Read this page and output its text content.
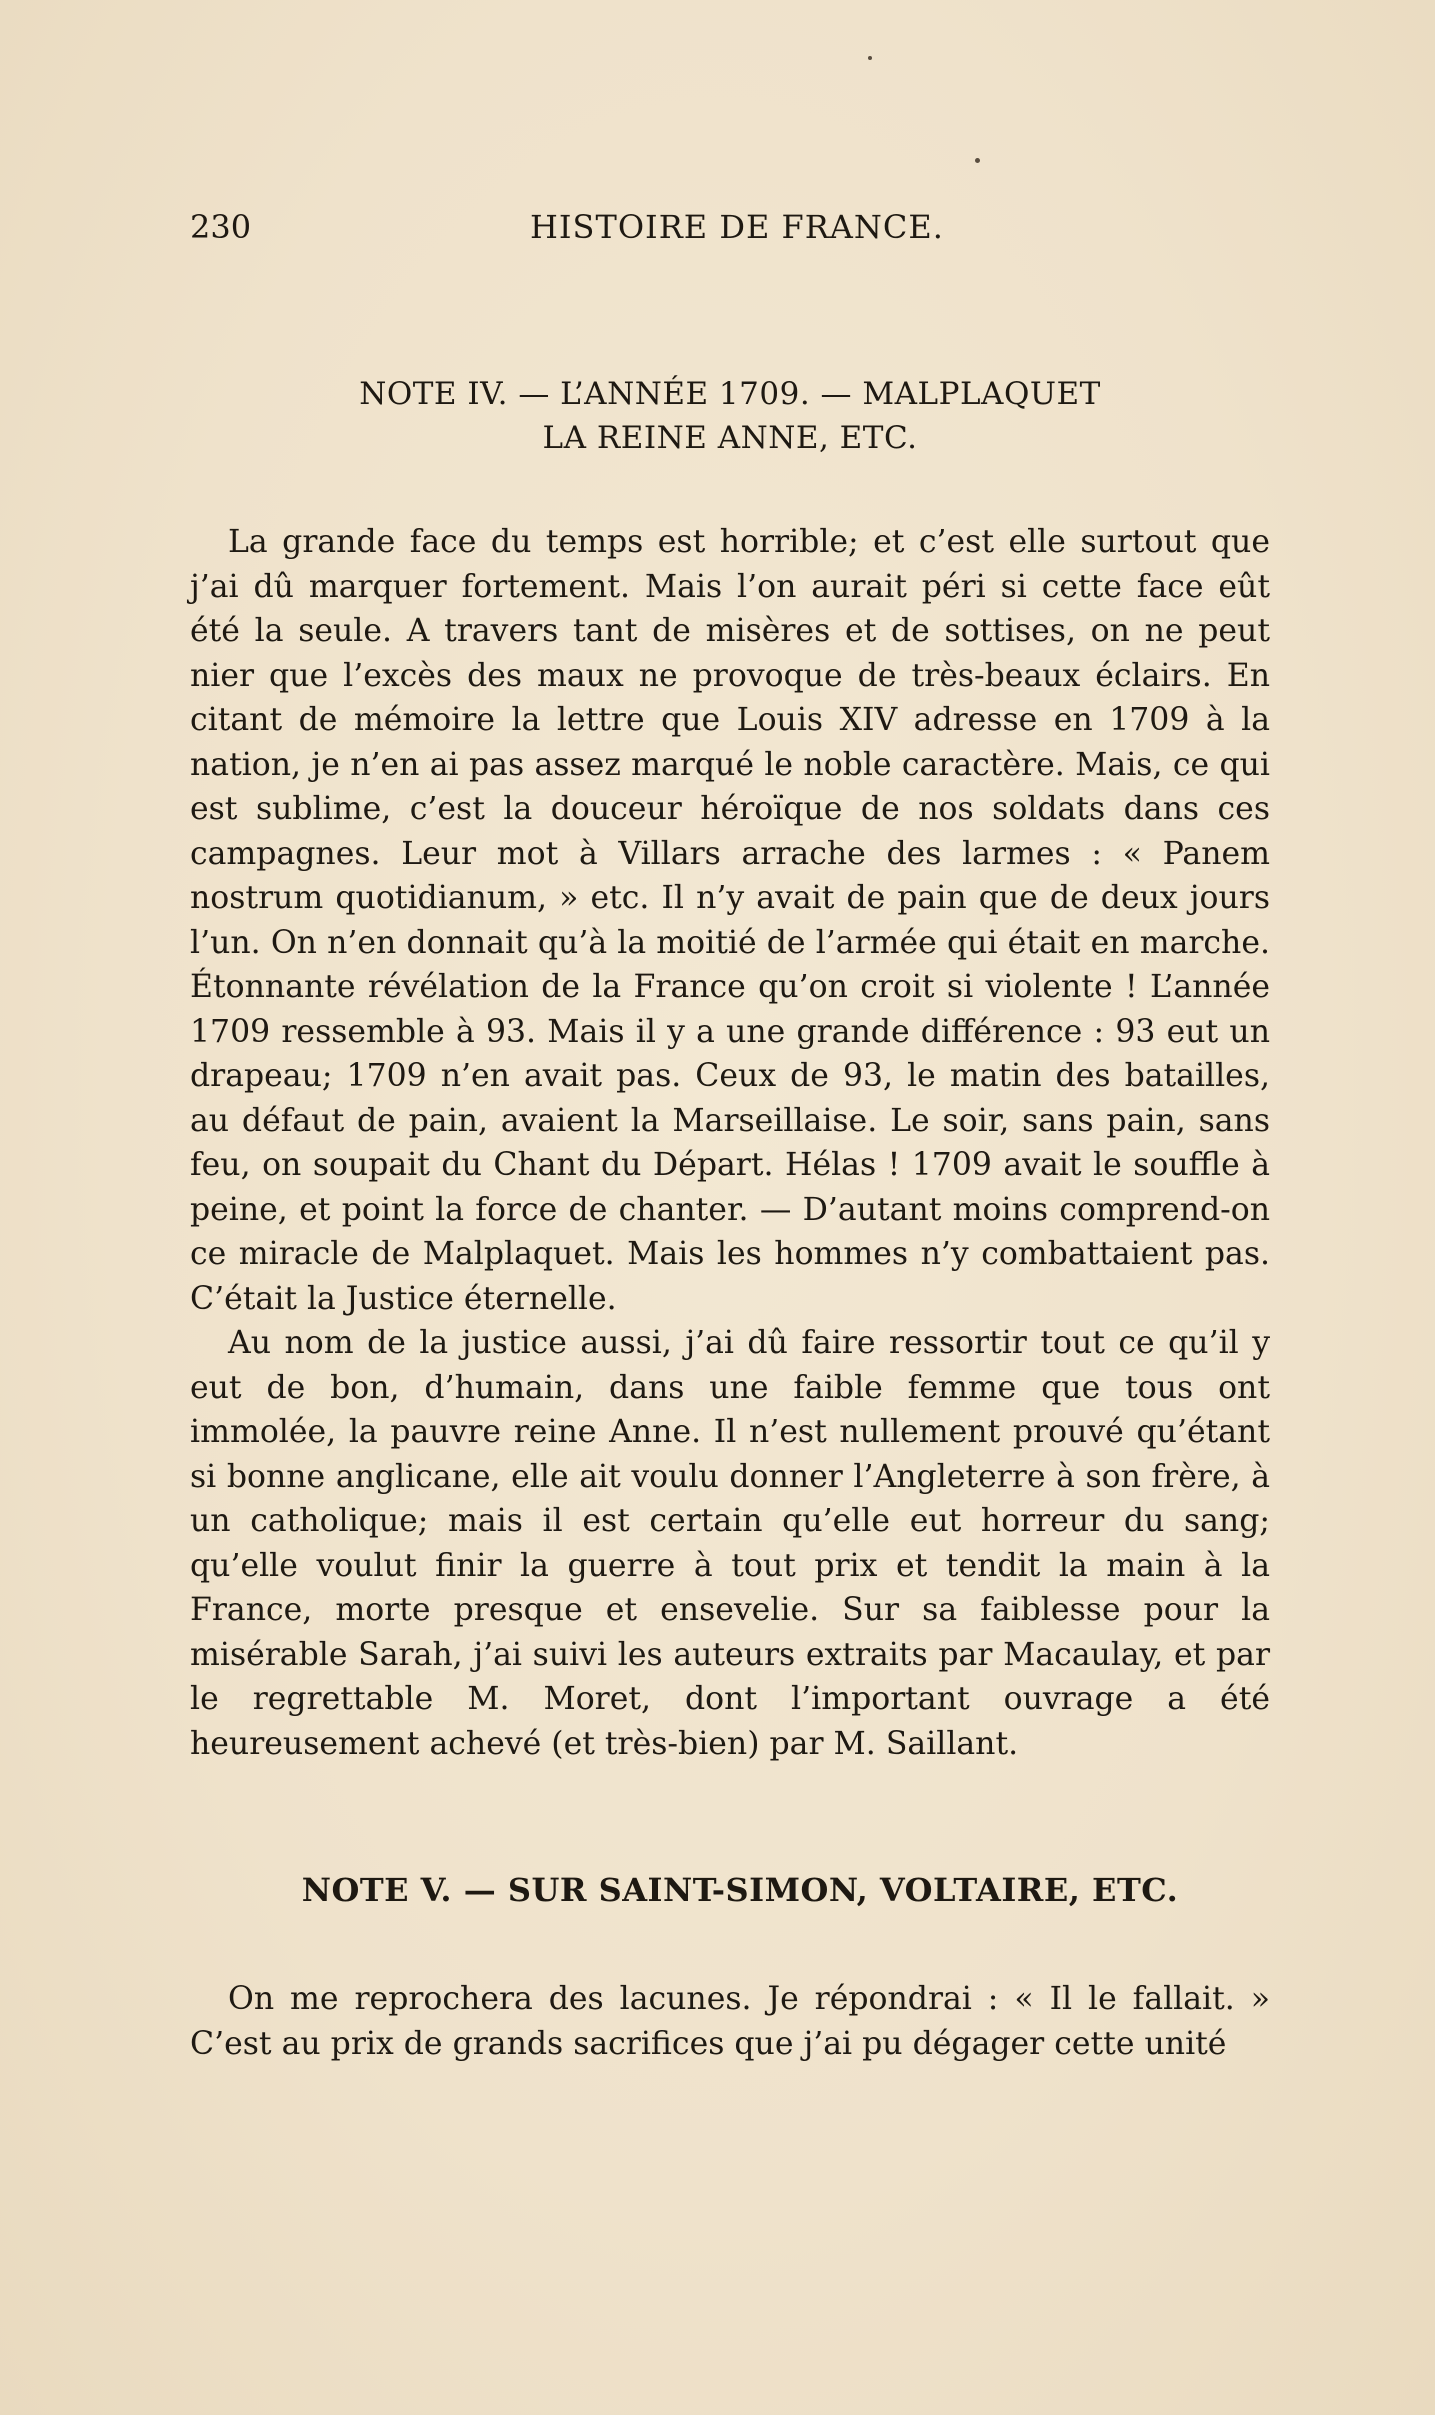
230	HISTOIRE DE FRANCE.
NOTE IV. — L’ANNÉE 1709. — MALPLAQUET
LA REINE ANNE, ETC.

La grande face du temps est horrible; et c’est elle surtout que j’ai dû marquer fortement. Mais l’on aurait péri si cette face eût été la seule. A travers tant de misères et de sottises, on ne peut nier que l’excès des maux ne provoque de très-beaux éclairs. En citant de mémoire la lettre que Louis XIV adresse en 1709 à la nation, je n’en ai pas assez marqué le noble caractère. Mais, ce qui est sublime, c’est la douceur héroïque de nos soldats dans ces campagnes. Leur mot à Villars arrache des larmes : « Panem nostrum quotidianum, » etc. Il n’y avait de pain que de deux jours l’un. On n’en donnait qu’à la moitié de l’armée qui était en marche. Étonnante révélation de la France qu’on croit si violente ! L’année 1709 ressemble à 93. Mais il y a une grande différence : 93 eut un drapeau; 1709 n’en avait pas. Ceux de 93, le matin des batailles, au défaut de pain, avaient la Marseillaise. Le soir, sans pain, sans feu, on soupait du Chant du Départ. Hélas ! 1709 avait le souffle à peine, et point la force de chanter. — D’autant moins comprend-on ce miracle de Malplaquet. Mais les hommes n’y combattaient pas. C’était la Justice éternelle.

Au nom de la justice aussi, j’ai dû faire ressortir tout ce qu’il y eut de bon, d’humain, dans une faible femme que tous ont immolée, la pauvre reine Anne. Il n’est nullement prouvé qu’étant si bonne anglicane, elle ait voulu donner l’Angleterre à son frère, à un catholique; mais il est certain qu’elle eut horreur du sang; qu’elle voulut finir la guerre à tout prix et tendit la main à la France, morte presque et ensevelie. Sur sa faiblesse pour la misérable Sarah, j’ai suivi les auteurs extraits par Macaulay, et par le regrettable M. Moret, dont l’important ouvrage a été heureusement achevé (et très-bien) par M. Saillant.

NOTE V. — SUR SAINT-SIMON, VOLTAIRE, ETC.

On me reprochera des lacunes. Je répondrai : « Il le fallait. » C’est au prix de grands sacrifices que j’ai pu dégager cette unité
